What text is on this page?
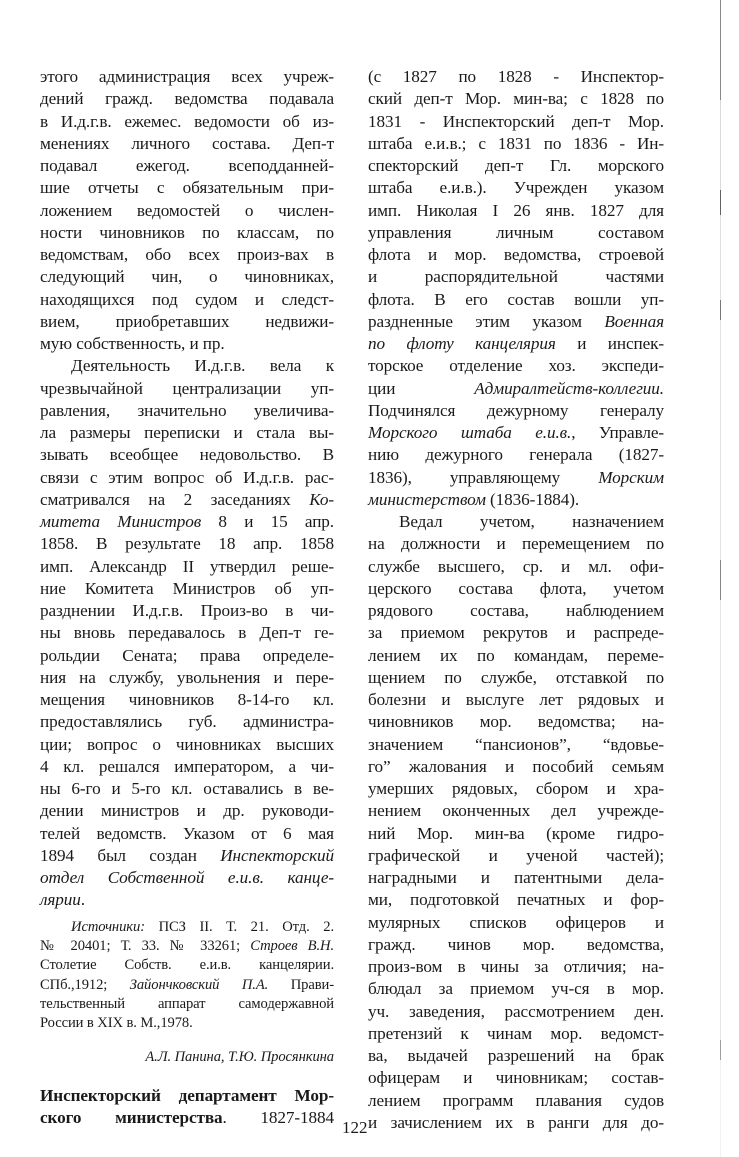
этого администрация всех учреж-
дений гражд. ведомства подавала
в И.д.г.в. ежемес. ведомости об из-
менениях личного состава. Деп-т
подавал ежегод. всеподданней-
шие отчеты с обязательным при-
ложением ведомостей о числен-
ности чиновников по классам, по
ведомствам, обо всех произ-вах в
следующий чин, о чиновниках,
находящихся под судом и следст-
вием, приобретавших недвижи-
мую собственность, и пр.
Деятельность И.д.г.в. вела к
чрезвычайной централизации уп-
равления, значительно увеличива-
ла размеры переписки и стала вы-
зывать всеобщее недовольство. В
связи с этим вопрос об И.д.г.в. рас-
сматривался на 2 заседаниях Ко-
митета Министров 8 и 15 апр.
1858. В результате 18 апр. 1858
имп. Александр II утвердил реше-
ние Комитета Министров об уп-
разднении И.д.г.в. Произ-во в чи-
ны вновь передавалось в Деп-т ге-
рольдии Сената; права определе-
ния на службу, увольнения и пере-
мещения чиновников 8-14-го кл.
предоставлялись губ. администра-
ции; вопрос о чиновниках высших
4 кл. решался императором, а чи-
ны 6-го и 5-го кл. оставались в ве-
дении министров и др. руководи-
телей ведомств. Указом от 6 мая
1894 был создан Инспекторский
отдел Собственной е.и.в. канце-
лярии.
Источники: ПСЗ II. Т. 21. Отд. 2.
№ 20401; Т. 33. № 33261; Строев В.Н.
Столетие Собств. е.и.в. канцелярии.
СПб.,1912; Зайончковский П.А. Прави-
тельственный аппарат самодержавной
России в XIX в. М.,1978.
А.Л. Панина, Т.Ю. Просянкина
Инспекторский департамент Мор-
ского министерства. 1827-1884
(с 1827 по 1828 - Инспектор-
ский деп-т Мор. мин-ва; с 1828 по
1831 - Инспекторский деп-т Мор.
штаба е.и.в.; с 1831 по 1836 - Ин-
спекторский деп-т Гл. морского
штаба е.и.в.). Учрежден указом
имп. Николая I 26 янв. 1827 для
управления личным составом
флота и мор. ведомства, строевой
и распорядительной частями
флота. В его состав вошли уп-
раздненные этим указом Военная
по флоту канцелярия и инспек-
торское отделение хоз. экспеди-
ции Адмиралтейств-коллегии.
Подчинялся дежурному генералу
Морского штаба е.и.в., Управле-
нию дежурного генерала (1827-
1836), управляющему Морским
министерством (1836-1884).
Ведал учетом, назначением
на должности и перемещением по
службе высшего, ср. и мл. офи-
церского состава флота, учетом
рядового состава, наблюдением
за приемом рекрутов и распреде-
лением их по командам, переме-
щением по службе, отставкой по
болезни и выслуге лет рядовых и
чиновников мор. ведомства; на-
значением “пансионов”, “вдовье-
го” жалования и пособий семьям
умерших рядовых, сбором и хра-
нением оконченных дел учрежде-
ний Мор. мин-ва (кроме гидро-
графической и ученой частей);
наградными и патентными дела-
ми, подготовкой печатных и фор-
мулярных списков офицеров и
гражд. чинов мор. ведомства,
произ-вом в чины за отличия; на-
блюдал за приемом уч-ся в мор.
уч. заведения, рассмотрением ден.
претензий к чинам мор. ведомст-
ва, выдачей разрешений на брак
офицерам и чиновникам; состав-
лением программ плавания судов
и зачислением их в ранги для до-
122
